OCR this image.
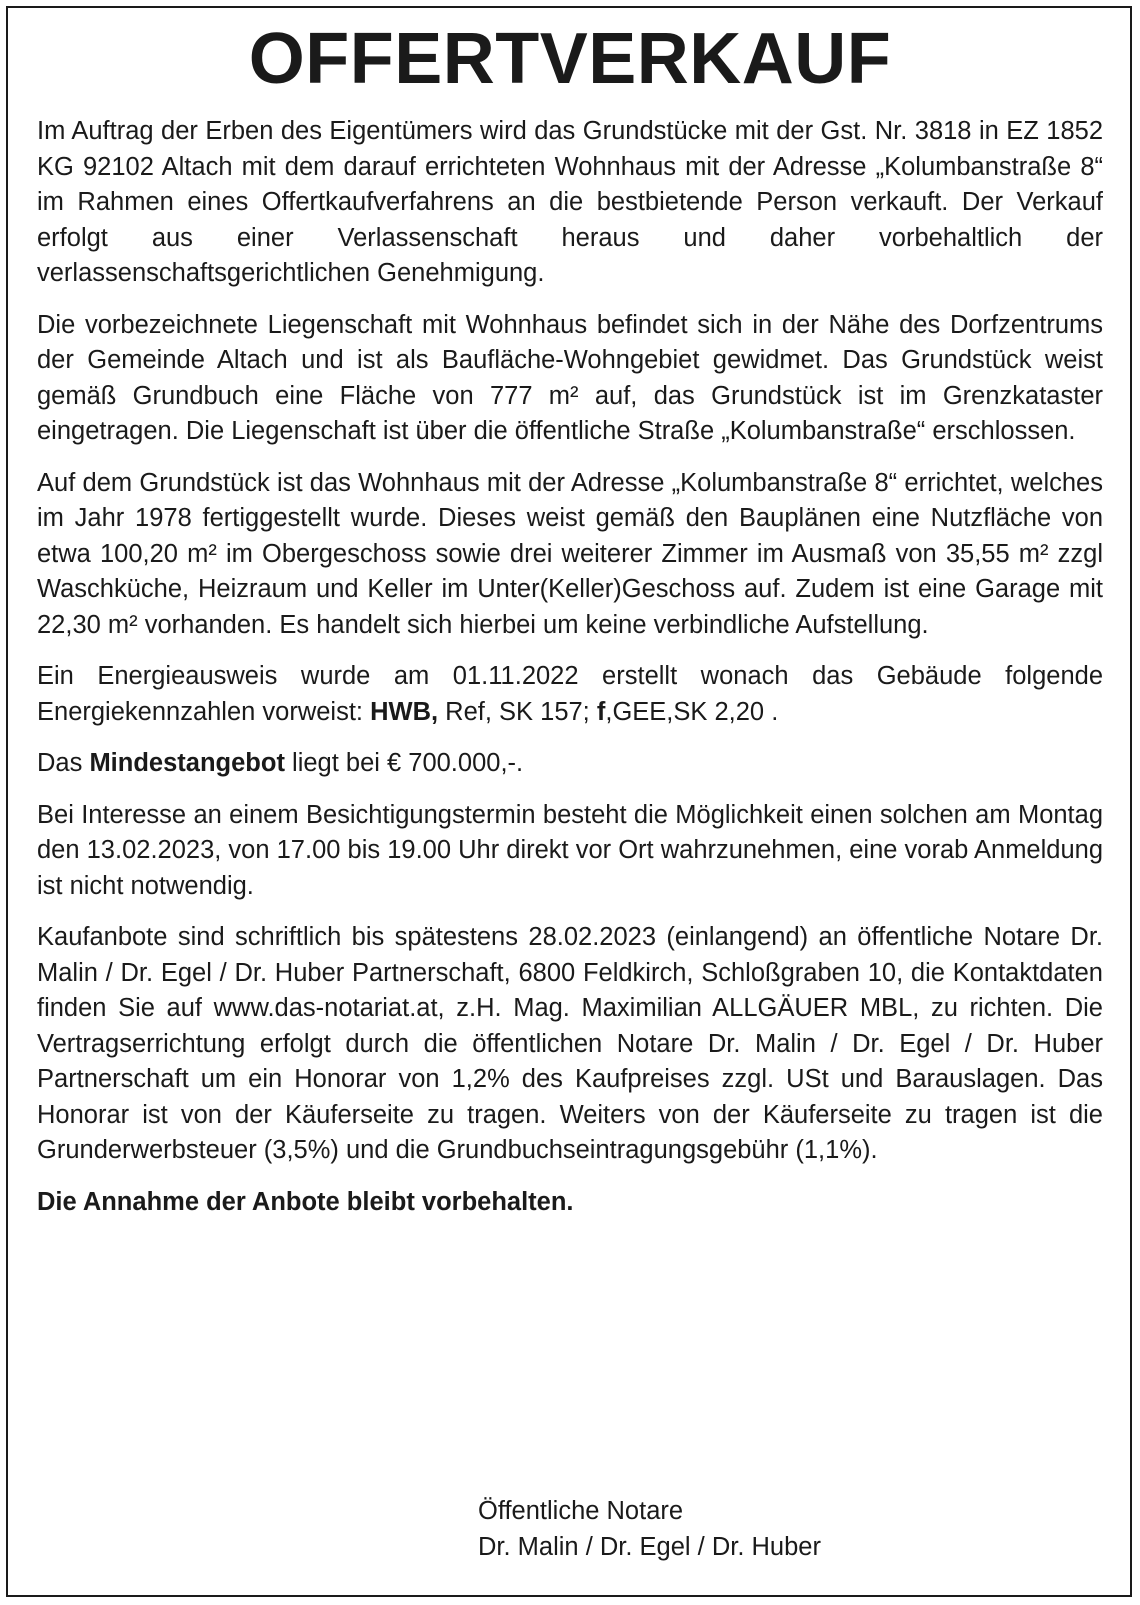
OFFERTVERKAUF

Im Auftrag der Erben des Eigentümers wird das Grundstücke mit der Gst. Nr. 3818 in EZ 1852 KG 92102 Altach mit dem darauf errichteten Wohnhaus mit der Adresse „Kolumbanstraße 8“ im Rahmen eines Offertkaufverfahrens an die bestbietende Person verkauft. Der Verkauf erfolgt aus einer Verlassenschaft heraus und daher vorbehaltlich der verlassenschaftsgerichtlichen Genehmigung.

Die vorbezeichnete Liegenschaft mit Wohnhaus befindet sich in der Nähe des Dorfzentrums der Gemeinde Altach und ist als Baufläche-Wohngebiet gewidmet. Das Grundstück weist gemäß Grundbuch eine Fläche von 777 m² auf, das Grundstück ist im Grenzkataster eingetragen. Die Liegenschaft ist über die öffentliche Straße „Kolumbanstraße“ erschlossen.

Auf dem Grundstück ist das Wohnhaus mit der Adresse „Kolumbanstraße 8“ errichtet, welches im Jahr 1978 fertiggestellt wurde. Dieses weist gemäß den Bauplänen eine Nutzfläche von etwa 100,20 m² im Obergeschoss sowie drei weiterer Zimmer im Ausmaß von 35,55 m² zzgl Waschküche, Heizraum und Keller im Unter(Keller)Geschoss auf. Zudem ist eine Garage mit 22,30 m² vorhanden. Es handelt sich hierbei um keine verbindliche Aufstellung.

Ein Energieausweis wurde am 01.11.2022 erstellt wonach das Gebäude folgende Energiekennzahlen vorweist: HWB, Ref, SK 157; f,GEE,SK 2,20 .

Das Mindestangebot liegt bei € 700.000,-.

Bei Interesse an einem Besichtigungstermin besteht die Möglichkeit einen solchen am Montag den 13.02.2023, von 17.00 bis 19.00 Uhr direkt vor Ort wahrzunehmen, eine vorab Anmeldung ist nicht notwendig.

Kaufanbote sind schriftlich bis spätestens 28.02.2023 (einlangend) an öffentliche Notare Dr. Malin / Dr. Egel / Dr. Huber Partnerschaft, 6800 Feldkirch, Schloßgraben 10, die Kontaktdaten finden Sie auf www.das-notariat.at, z.H. Mag. Maximilian ALLGÄUER MBL, zu richten. Die Vertragserrichtung erfolgt durch die öffentlichen Notare Dr. Malin / Dr. Egel / Dr. Huber Partnerschaft um ein Honorar von 1,2% des Kaufpreises zzgl. USt und Barauslagen. Das Honorar ist von der Käuferseite zu tragen. Weiters von der Käuferseite zu tragen ist die Grunderwerbsteuer (3,5%) und die Grundbuchseintragungsgebühr (1,1%).

Die Annahme der Anbote bleibt vorbehalten.

Öffentliche Notare
Dr. Malin / Dr. Egel / Dr. Huber
